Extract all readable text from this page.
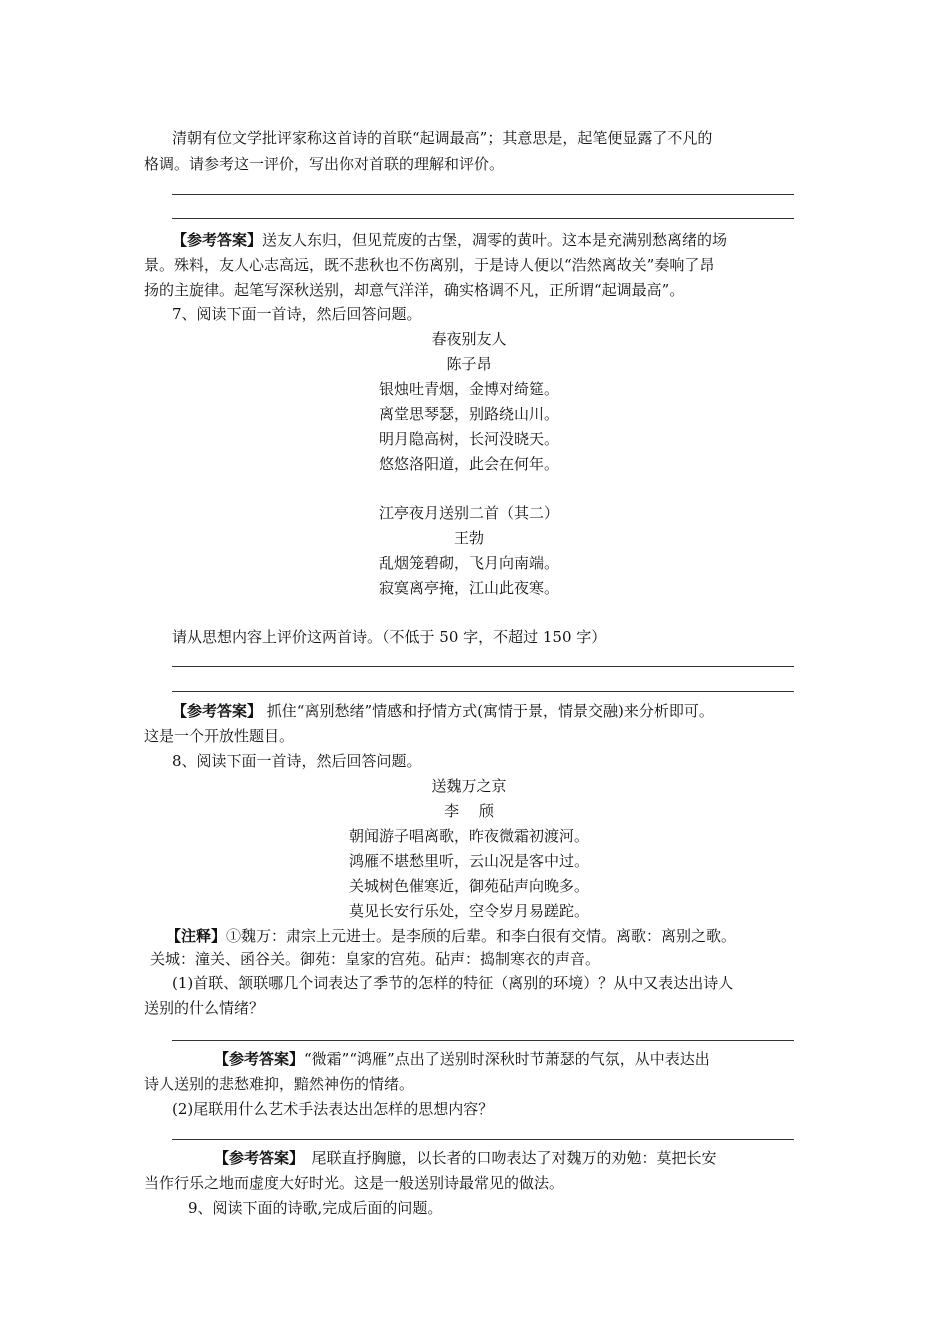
清朝有位文学批评家称这首诗的首联“起调最高”；其意思是，起笔便显露了不凡的
格调。请参考这一评价，写出你对首联的理解和评价。
【参考答案】送友人东归，但见荒废的古堡，凋零的黄叶。这本是充满别愁离绪的场
景。殊料，友人心志高远，既不悲秋也不伤离别，于是诗人便以“浩然离故关”奏响了昂
扬的主旋律。起笔写深秋送别，却意气洋洋，确实格调不凡，正所谓“起调最高”。
7、阅读下面一首诗，然后回答问题。
春夜别友人
陈子昂
银烛吐青烟，金博对绮筵。
离堂思琴瑟，别路绕山川。
明月隐高树，长河没晓天。
悠悠洛阳道，此会在何年。
江亭夜月送别二首（其二）
王勃
乱烟笼碧砌，飞月向南端。
寂寞离亭掩，江山此夜寒。
请从思想内容上评价这两首诗。（不低于 50 字，不超过 150 字）
【参考答案】 抓住“离别愁绪”情感和抒情方式(寓情于景，情景交融)来分析即可。
这是一个开放性题目。
8、阅读下面一首诗，然后回答问题。
送魏万之京
李　 颀
朝闻游子唱离歌，昨夜微霜初渡河。
鸿雁不堪愁里听，云山况是客中过。
关城树色催寒近，御苑砧声向晚多。
莫见长安行乐处，空令岁月易蹉跎。
【注释】①魏万：肃宗上元进士。是李颀的后辈。和李白很有交情。离歌：离别之歌。
关城：潼关、函谷关。御苑：皇家的宫苑。砧声：捣制寒衣的声音。
(1)首联、颔联哪几个词表达了季节的怎样的特征（离别的环境）？从中又表达出诗人
送别的什么情绪？
【参考答案】“微霜”“鸿雁”点出了送别时深秋时节萧瑟的气氛，从中表达出
诗人送别的悲愁难抑，黯然神伤的情绪。
(2)尾联用什么艺术手法表达出怎样的思想内容？
【参考答案】　尾联直抒胸臆，以长者的口吻表达了对魏万的劝勉：莫把长安
当作行乐之地而虚度大好时光。这是一般送别诗最常见的做法。
9、阅读下面的诗歌,完成后面的问题。
